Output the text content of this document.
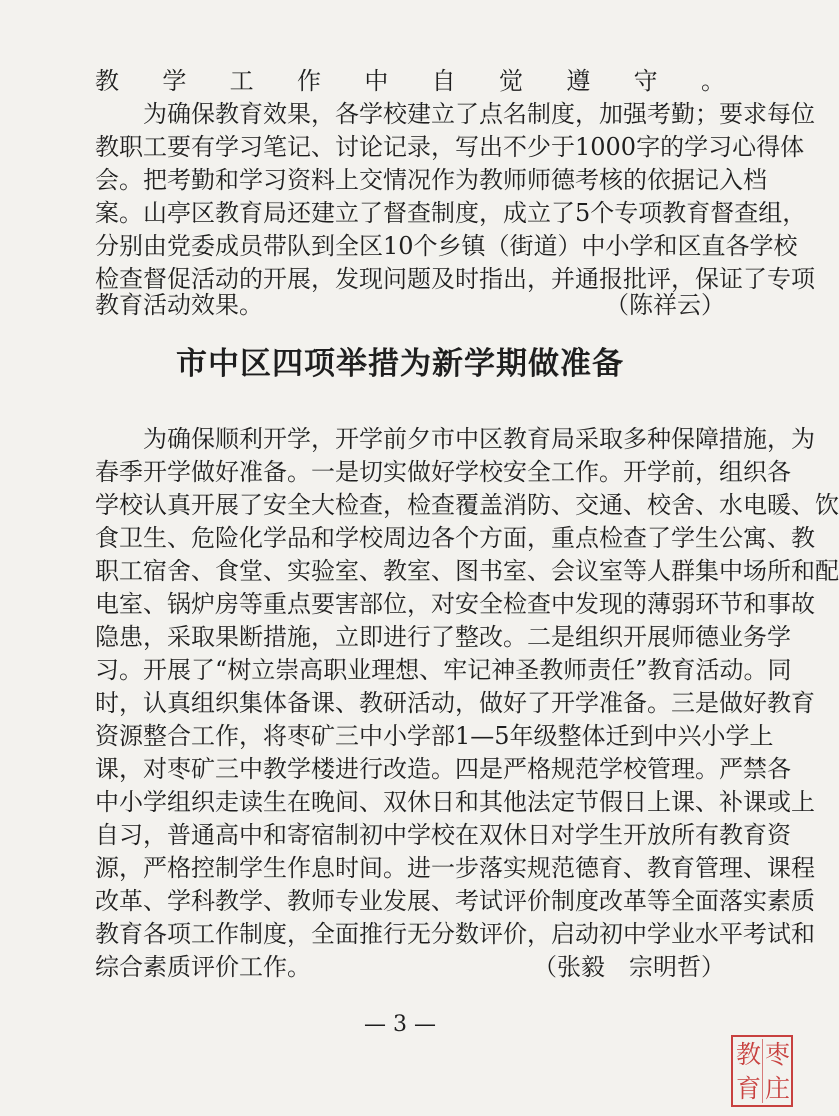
教学工作中自觉遵守。
　　为确保教育效果，各学校建立了点名制度，加强考勤；要求每位
教职工要有学习笔记、讨论记录，写出不少于1000字的学习心得体
会。把考勤和学习资料上交情况作为教师师德考核的依据记入档
案。山亭区教育局还建立了督查制度，成立了5个专项教育督查组，
分别由党委成员带队到全区10个乡镇（街道）中小学和区直各学校
检查督促活动的开展，发现问题及时指出，并通报批评，保证了专项
教育活动效果。	（陈祥云）
市中区四项举措为新学期做准备
　　为确保顺利开学，开学前夕市中区教育局采取多种保障措施，为
春季开学做好准备。一是切实做好学校安全工作。开学前，组织各
学校认真开展了安全大检查，检查覆盖消防、交通、校舍、水电暖、饮
食卫生、危险化学品和学校周边各个方面，重点检查了学生公寓、教
职工宿舍、食堂、实验室、教室、图书室、会议室等人群集中场所和配
电室、锅炉房等重点要害部位，对安全检查中发现的薄弱环节和事故
隐患，采取果断措施，立即进行了整改。二是组织开展师德业务学
习。开展了“树立崇高职业理想、牢记神圣教师责任”教育活动。同
时，认真组织集体备课、教研活动，做好了开学准备。三是做好教育
资源整合工作，将枣矿三中小学部1—5年级整体迁到中兴小学上
课，对枣矿三中教学楼进行改造。四是严格规范学校管理。严禁各
中小学组织走读生在晚间、双休日和其他法定节假日上课、补课或上
自习，普通高中和寄宿制初中学校在双休日对学生开放所有教育资
源，严格控制学生作息时间。进一步落实规范德育、教育管理、课程
改革、学科教学、教师专业发展、考试评价制度改革等全面落实素质
教育各项工作制度，全面推行无分数评价，启动初中学业水平考试和
综合素质评价工作。	（张毅　宗明哲）
— 3 —
枣
庄
教
育
